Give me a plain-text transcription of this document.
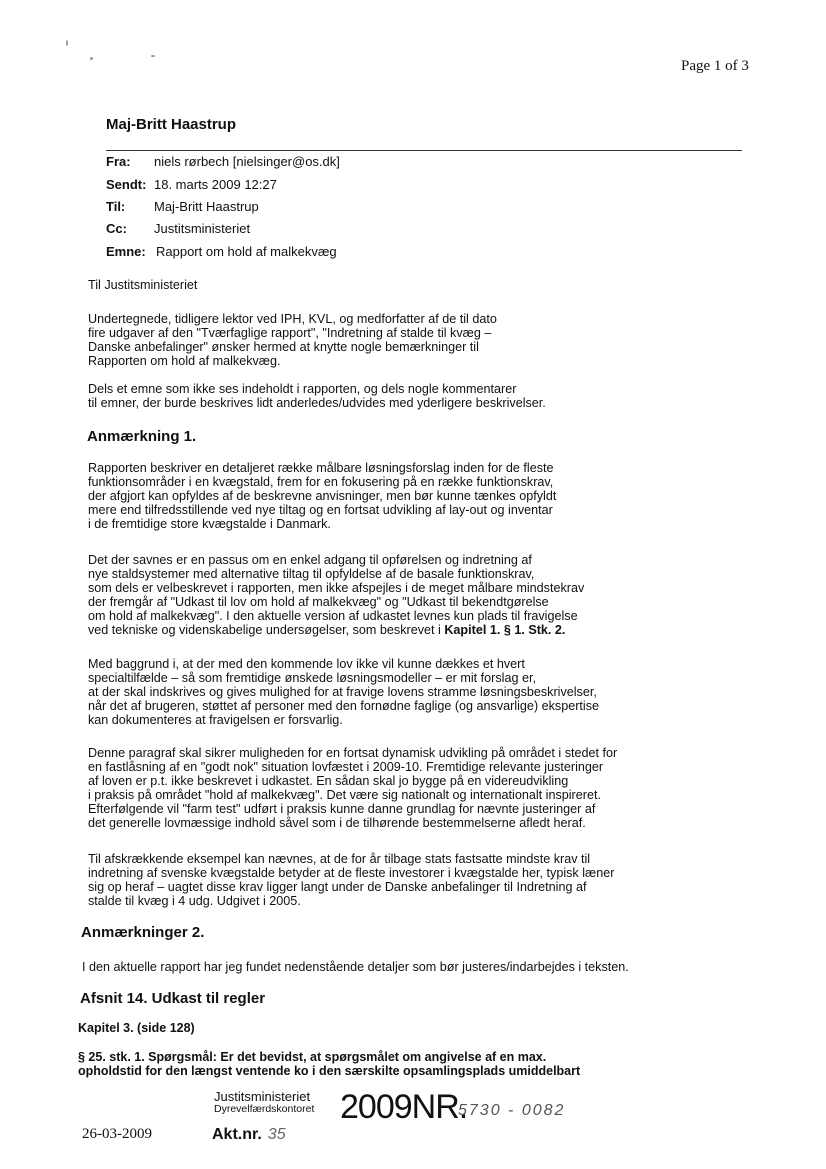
Page 1 of 3
Maj-Britt Haastrup
Fra: niels rørbech [nielsinger@os.dk]
Sendt: 18. marts 2009 12:27
Til: Maj-Britt Haastrup
Cc: Justitsministeriet
Emne: Rapport om hold af malkekvæg
Til Justitsministeriet
Undertegnede, tidligere lektor ved IPH, KVL, og medforfatter af de til dato
fire udgaver af den "Tværfaglige rapport", "Indretning af stalde til kvæg –
Danske anbefalinger" ønsker hermed at knytte nogle bemærkninger til
Rapporten om hold af malkekvæg.
Dels et emne som ikke ses indeholdt i rapporten, og dels nogle kommentarer
til emner, der burde beskrives lidt anderledes/udvides med yderligere beskrivelser.
Anmærkning 1.
Rapporten beskriver en detaljeret række målbare løsningsforslag inden for de fleste
funktionsområder i en kvægstald, frem for en fokusering på en række funktionskrav,
der afgjort kan opfyldes af de beskrevne anvisninger, men bør kunne tænkes opfyldt
mere end tilfredsstillende ved nye tiltag og en fortsat udvikling af lay-out og inventar
i de fremtidige store kvægstalde i Danmark.
Det der savnes er en passus om en enkel adgang til opførelsen og indretning af
nye staldsystemer med alternative tiltag til opfyldelse af de basale funktionskrav,
som dels er velbeskrevet i rapporten, men ikke afspejles i de meget målbare mindstekrav
der fremgår af "Udkast til lov om hold af malkekvæg" og "Udkast til bekendtgørelse
om hold af malkekvæg". I den aktuelle version af udkastet levnes kun plads til fravigelse
ved tekniske og videnskabelige undersøgelser, som beskrevet i Kapitel 1. § 1. Stk. 2.
Med baggrund i, at der med den kommende lov ikke vil kunne dækkes et hvert
specialtilfælde – så som fremtidige ønskede løsningsmodeller – er mit forslag er,
at der skal indskrives og gives mulighed for at fravige lovens stramme løsningsbeskrivelser,
når det af brugeren, støttet af personer med den fornødne faglige (og ansvarlige) ekspertise
kan dokumenteres at fravigelsen er forsvarlig.
Denne paragraf skal sikrer muligheden for en fortsat dynamisk udvikling på området i stedet for
en fastlåsning af en "godt nok" situation lovfæstet i 2009-10. Fremtidige relevante justeringer
af loven er p.t. ikke beskrevet i udkastet. En sådan skal jo bygge på en videreudvikling
i praksis på området "hold af malkekvæg". Det være sig nationalt og internationalt inspireret.
Efterfølgende vil "farm test" udført i praksis kunne danne grundlag for nævnte justeringer af
det generelle lovmæssige indhold såvel som i de tilhørende bestemmelserne afledt heraf.
Til afskrækkende eksempel kan nævnes, at de for år tilbage stats fastsatte mindste krav til
indretning af svenske kvægstalde betyder at de fleste investorer i kvægstalde her, typisk læner
sig op heraf – uagtet disse krav ligger langt under de Danske anbefalinger til Indretning af
stalde til kvæg i 4 udg. Udgivet i 2005.
Anmærkninger 2.
I den aktuelle rapport har jeg fundet nedenstående detaljer som bør justeres/indarbejdes i teksten.
Afsnit 14. Udkast til regler
Kapitel 3. (side 128)
§ 25. stk. 1. Spørgsmål: Er det bevidst, at spørgsmålet om angivelse af en max.
opholdstid for den længst ventende ko i den særskilte opsamlingsplads umiddelbart
Justitsministeriet
Dyrevelfærdskontoret 2009NR.
5730 - 0082
26-03-2009	Akt.nr. 35
